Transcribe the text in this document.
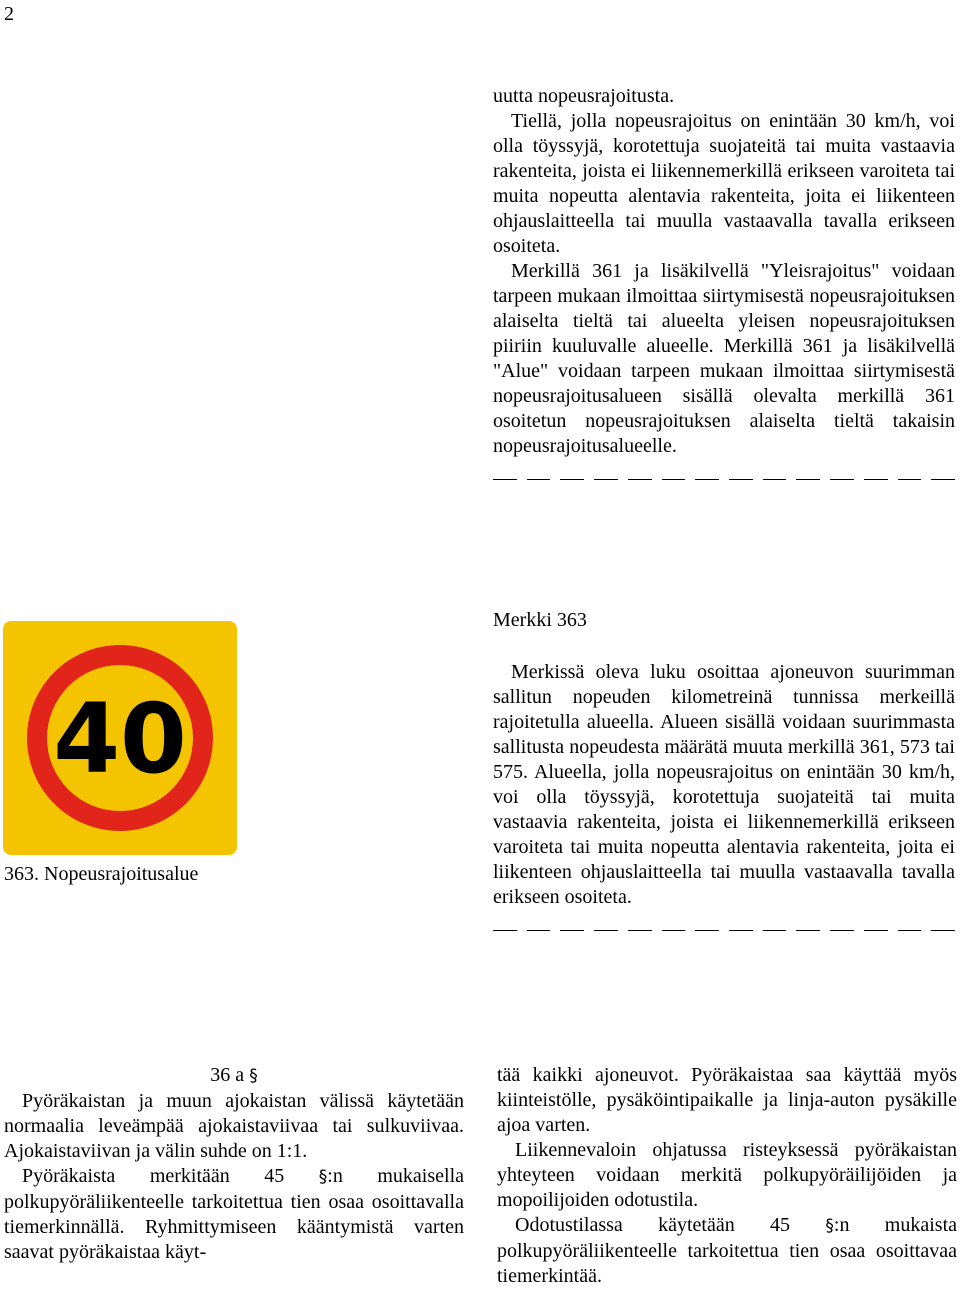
2

uutta nopeusrajoitusta.

Tiellä, jolla nopeusrajoitus on enintään 30 km/h, voi olla töyssyjä, korotettuja suojateitä tai muita vastaavia rakenteita, joista ei liikennemerkillä erikseen varoiteta tai muita nopeutta alentavia rakenteita, joita ei liikenteen ohjauslaitteella tai muulla vastaavalla tavalla erikseen osoiteta.

Merkillä 361 ja lisäkilvellä "Yleisrajoitus" voidaan tarpeen mukaan ilmoittaa siirtymisestä nopeusrajoituksen alaiselta tieltä tai alueelta yleisen nopeusrajoituksen piiriin kuuluvalle alueelle. Merkillä 361 ja lisäkilvellä "Alue" voidaan tarpeen mukaan ilmoittaa siirtymisestä nopeusrajoitusalueen sisällä olevalta merkillä 361 osoitetun nopeusrajoituksen alaiselta tieltä takaisin nopeusrajoitusalueelle.

40
363. Nopeusrajoitusalue
Merkki 363

Merkissä oleva luku osoittaa ajoneuvon suurimman sallitun nopeuden kilometreinä tunnissa merkeillä rajoitetulla alueella. Alueen sisällä voidaan suurimmasta sallitusta nopeudesta määrätä muuta merkillä 361, 573 tai 575. Alueella, jolla nopeusrajoitus on enintään 30 km/h, voi olla töyssyjä, korotettuja suojateitä tai muita vastaavia rakenteita, joista ei liikennemerkillä erikseen varoiteta tai muita nopeutta alentavia rakenteita, joita ei liikenteen ohjauslaitteella tai muulla vastaavalla tavalla erikseen osoiteta.

36 a §

Pyöräkaistan ja muun ajokaistan välissä käytetään normaalia leveämpää ajokaistaviivaa tai sulkuviivaa. Ajokaistaviivan ja välin suhde on 1:1.

Pyöräkaista merkitään 45 §:n mukaisella polkupyöräliikenteelle tarkoitettua tien osaa osoittavalla tiemerkinnällä. Ryhmittymiseen kääntymistä varten saavat pyöräkaistaa käyt-

tää kaikki ajoneuvot. Pyöräkaistaa saa käyttää myös kiinteistölle, pysäköintipaikalle ja linja-auton pysäkille ajoa varten.

Liikennevaloin ohjatussa risteyksessä pyöräkaistan yhteyteen voidaan merkitä polkupyöräilijöiden ja mopoilijoiden odotustila.

Odotustilassa käytetään 45 §:n mukaista polkupyöräliikenteelle tarkoitettua tien osaa osoittavaa tiemerkintää.
